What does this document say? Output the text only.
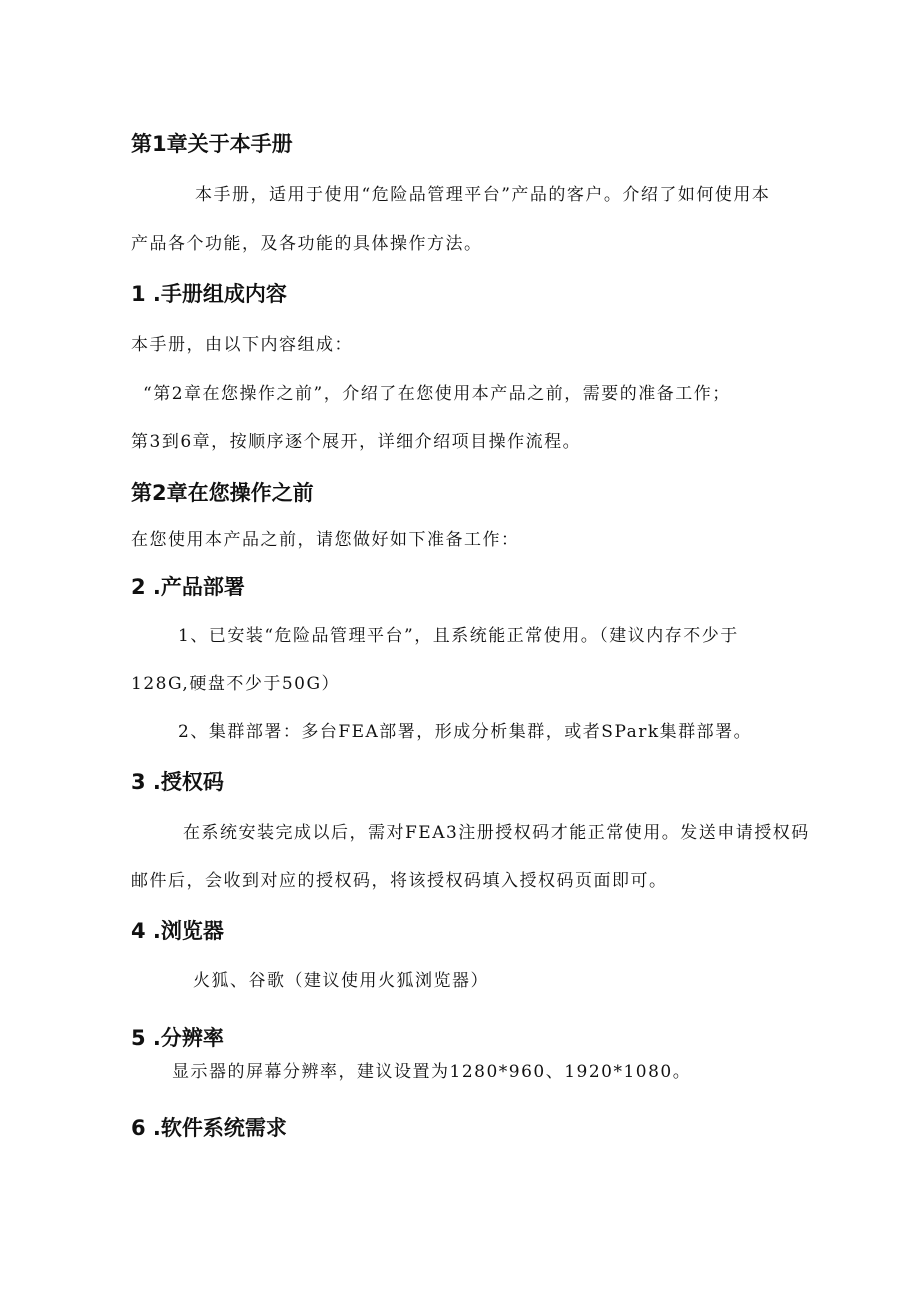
第1章关于本手册
本手册，适用于使用“危险品管理平台”产品的客户。介绍了如何使用本
产品各个功能，及各功能的具体操作方法。
1 .手册组成内容
本手册，由以下内容组成：
“第2章在您操作之前”，介绍了在您使用本产品之前，需要的准备工作；
第3到6章，按顺序逐个展开，详细介绍项目操作流程。
第2章在您操作之前
在您使用本产品之前，请您做好如下准备工作：
2 .产品部署
1、已安装“危险品管理平台”，且系统能正常使用。（建议内存不少于
128G,硬盘不少于50G）
2、集群部署：多台FEA部署，形成分析集群，或者SPark集群部署。
3 .授权码
在系统安装完成以后，需对FEA3注册授权码才能正常使用。发送申请授权码
邮件后，会收到对应的授权码，将该授权码填入授权码页面即可。
4 .浏览器
火狐、谷歌（建议使用火狐浏览器）
5 .分辨率
显示器的屏幕分辨率，建议设置为1280*960、1920*1080。
6 .软件系统需求
